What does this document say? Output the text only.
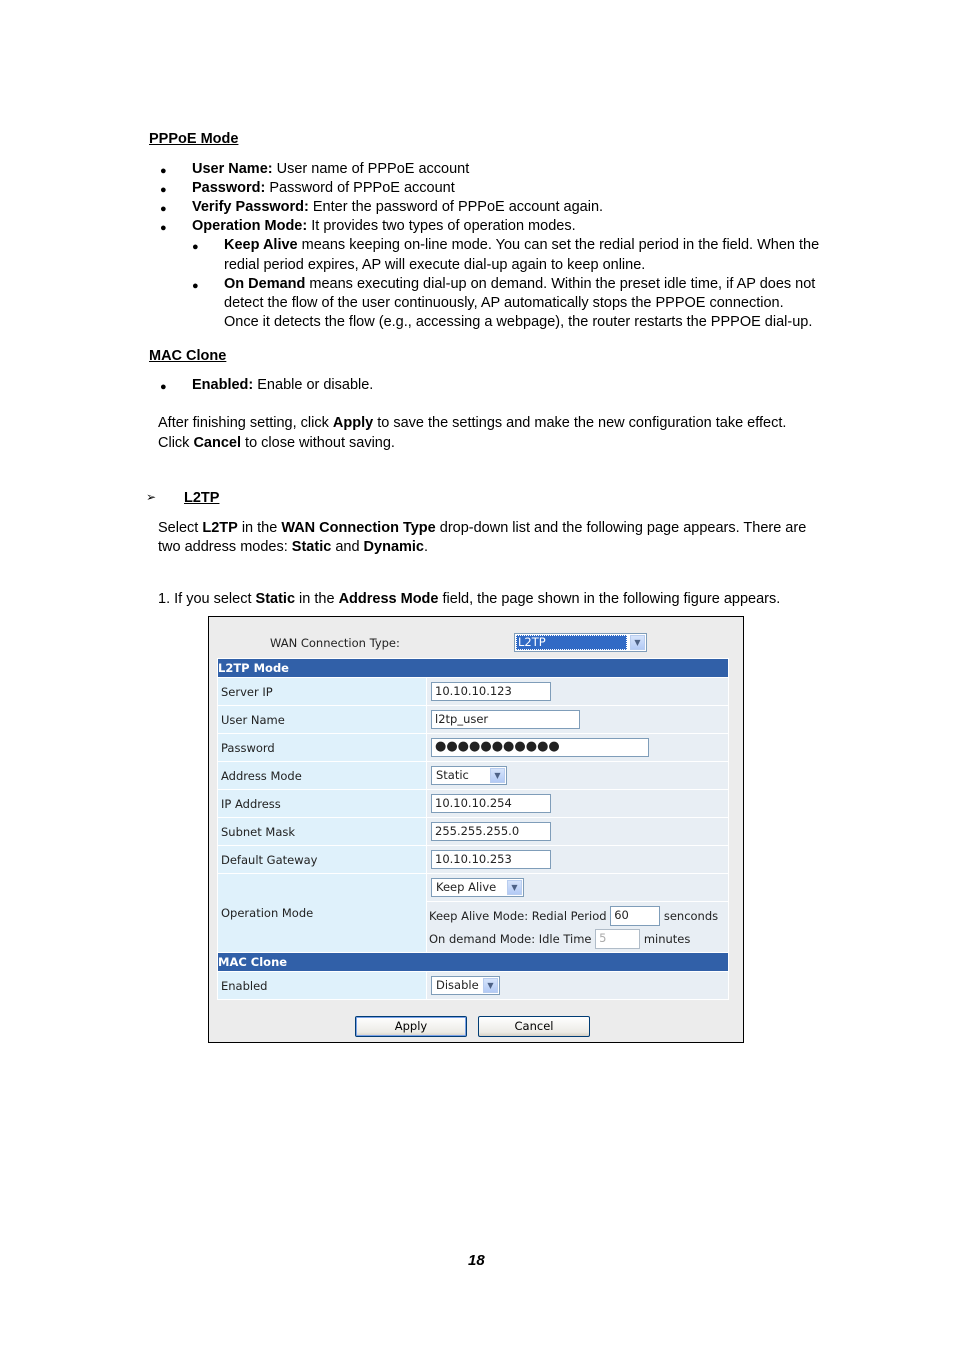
PPPoE Mode
● User Name: User name of PPPoE account
● Password: Password of PPPoE account
● Verify Password: Enter the password of PPPoE account again.
● Operation Mode: It provides two types of operation modes.
● Keep Alive means keeping on-line mode. You can set the redial period in the field. When the
redial period expires, AP will execute dial-up again to keep online.
● On Demand means executing dial-up on demand. Within the preset idle time, if AP does not
detect the flow of the user continuously, AP automatically stops the PPPOE connection.
Once it detects the flow (e.g., accessing a webpage), the router restarts the PPPOE dial-up.
MAC Clone
● Enabled: Enable or disable.
After finishing setting, click Apply to save the settings and make the new configuration take effect.
Click Cancel to close without saving.
➢ L2TP
Select L2TP in the WAN Connection Type drop-down list and the following page appears. There are
two address modes: Static and Dynamic.
1. If you select Static in the Address Mode field, the page shown in the following figure appears.
WAN Connection Type:	L2TP	▼
L2TP Mode	
Server IP	10.10.10.123
User Name	l2tp_user
Password	●●●●●●●●●●●
Address Mode	Static ▼

IP Address	10.10.10.254
Subnet Mask	255.255.255.0
Default Gateway	10.10.10.253
Operation Mode	Keep Alive ▼

	Keep Alive Mode: Redial Period 60 senconds
On demand Mode: Idle Time 5 minutes

MAC Clone	
Enabled	Disable ▼
Apply	Cancel
18
